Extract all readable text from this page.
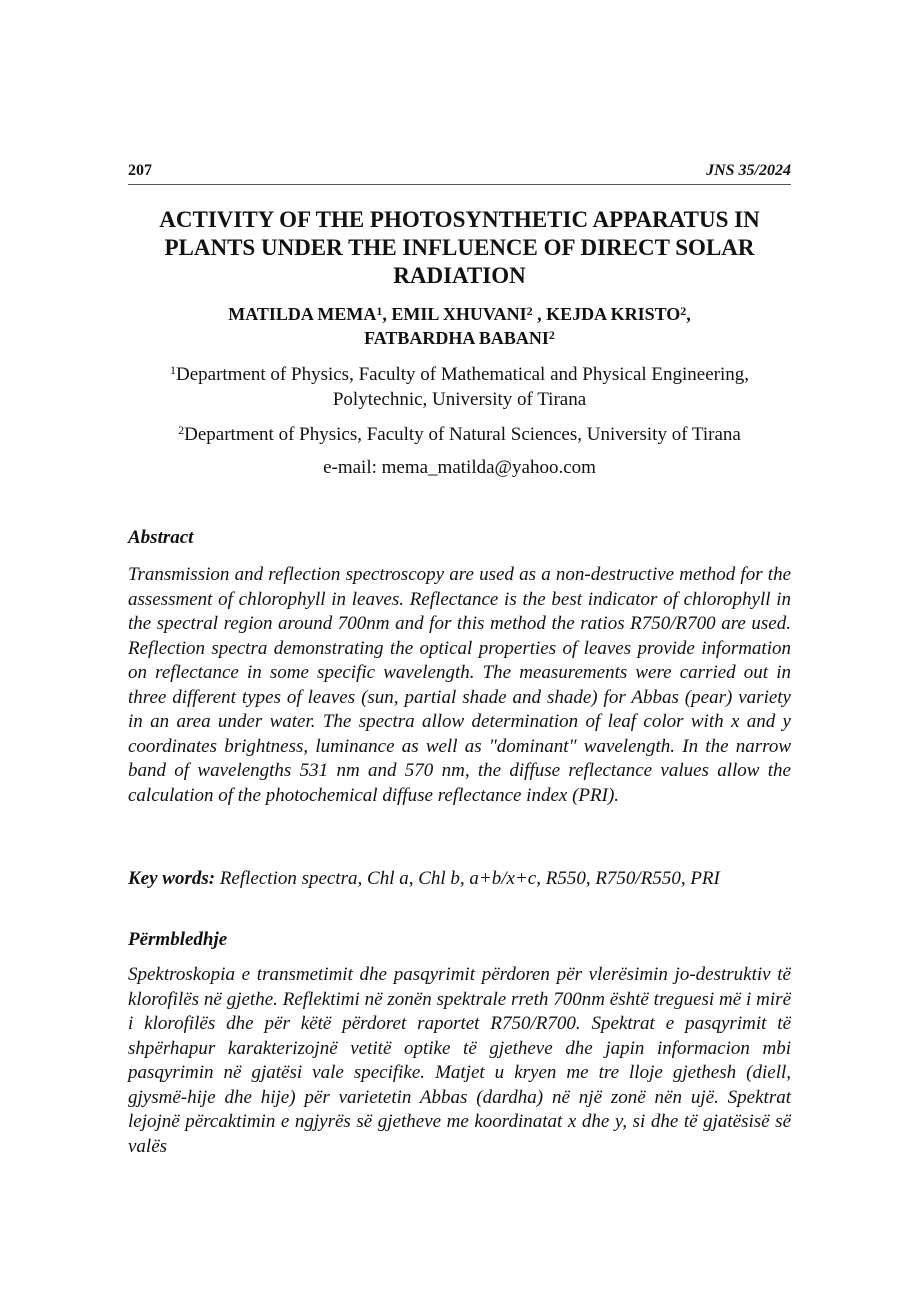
207	JNS 35/2024
ACTIVITY OF THE PHOTOSYNTHETIC APPARATUS IN PLANTS UNDER THE INFLUENCE OF DIRECT SOLAR RADIATION
MATILDA MEMA$^1$, EMIL XHUVANI$^2$ , KEJDA KRISTO$^2$,
FATBARDHA BABANI$^2$
$^1$Department of Physics, Faculty of Mathematical and Physical Engineering, Polytechnic, University of Tirana
$^2$Department of Physics, Faculty of Natural Sciences, University of Tirana
e-mail: mema_matilda@yahoo.com
Abstract
Transmission and reflection spectroscopy are used as a non-destructive method for the assessment of chlorophyll in leaves. Reflectance is the best indicator of chlorophyll in the spectral region around 700nm and for this method the ratios R750/R700 are used. Reflection spectra demonstrating the optical properties of leaves provide information on reflectance in some specific wavelength. The measurements were carried out in three different types of leaves (sun, partial shade and shade) for Abbas (pear) variety in an area under water. The spectra allow determination of leaf color with x and y coordinates brightness, luminance as well as "dominant" wavelength. In the narrow band of wavelengths 531 nm and 570 nm, the diffuse reflectance values allow the calculation of the photochemical diffuse reflectance index (PRI).
Key words: Reflection spectra, Chl a, Chl b, a+b/x+c, R550, R750/R550, PRI
Përmbledhje
Spektroskopia e transmetimit dhe pasqyrimit përdoren për vlerësimin jo-destruktiv të klorofilës në gjethe. Reflektimi në zonën spektrale rreth 700nm është treguesi më i mirë i klorofilës dhe për këtë përdoret raportet R750/R700. Spektrat e pasqyrimit të shpërhapur karakterizojnë vetitë optike të gjetheve dhe japin informacion mbi pasqyrimin në gjatësi vale specifike. Matjet u kryen me tre lloje gjethesh (diell, gjysmë-hije dhe hije) për varietetin Abbas (dardha) në një zonë nën ujë. Spektrat lejojnë përcaktimin e ngjyrës së gjetheve me koordinatat x dhe y, si dhe të gjatësisë së valës
